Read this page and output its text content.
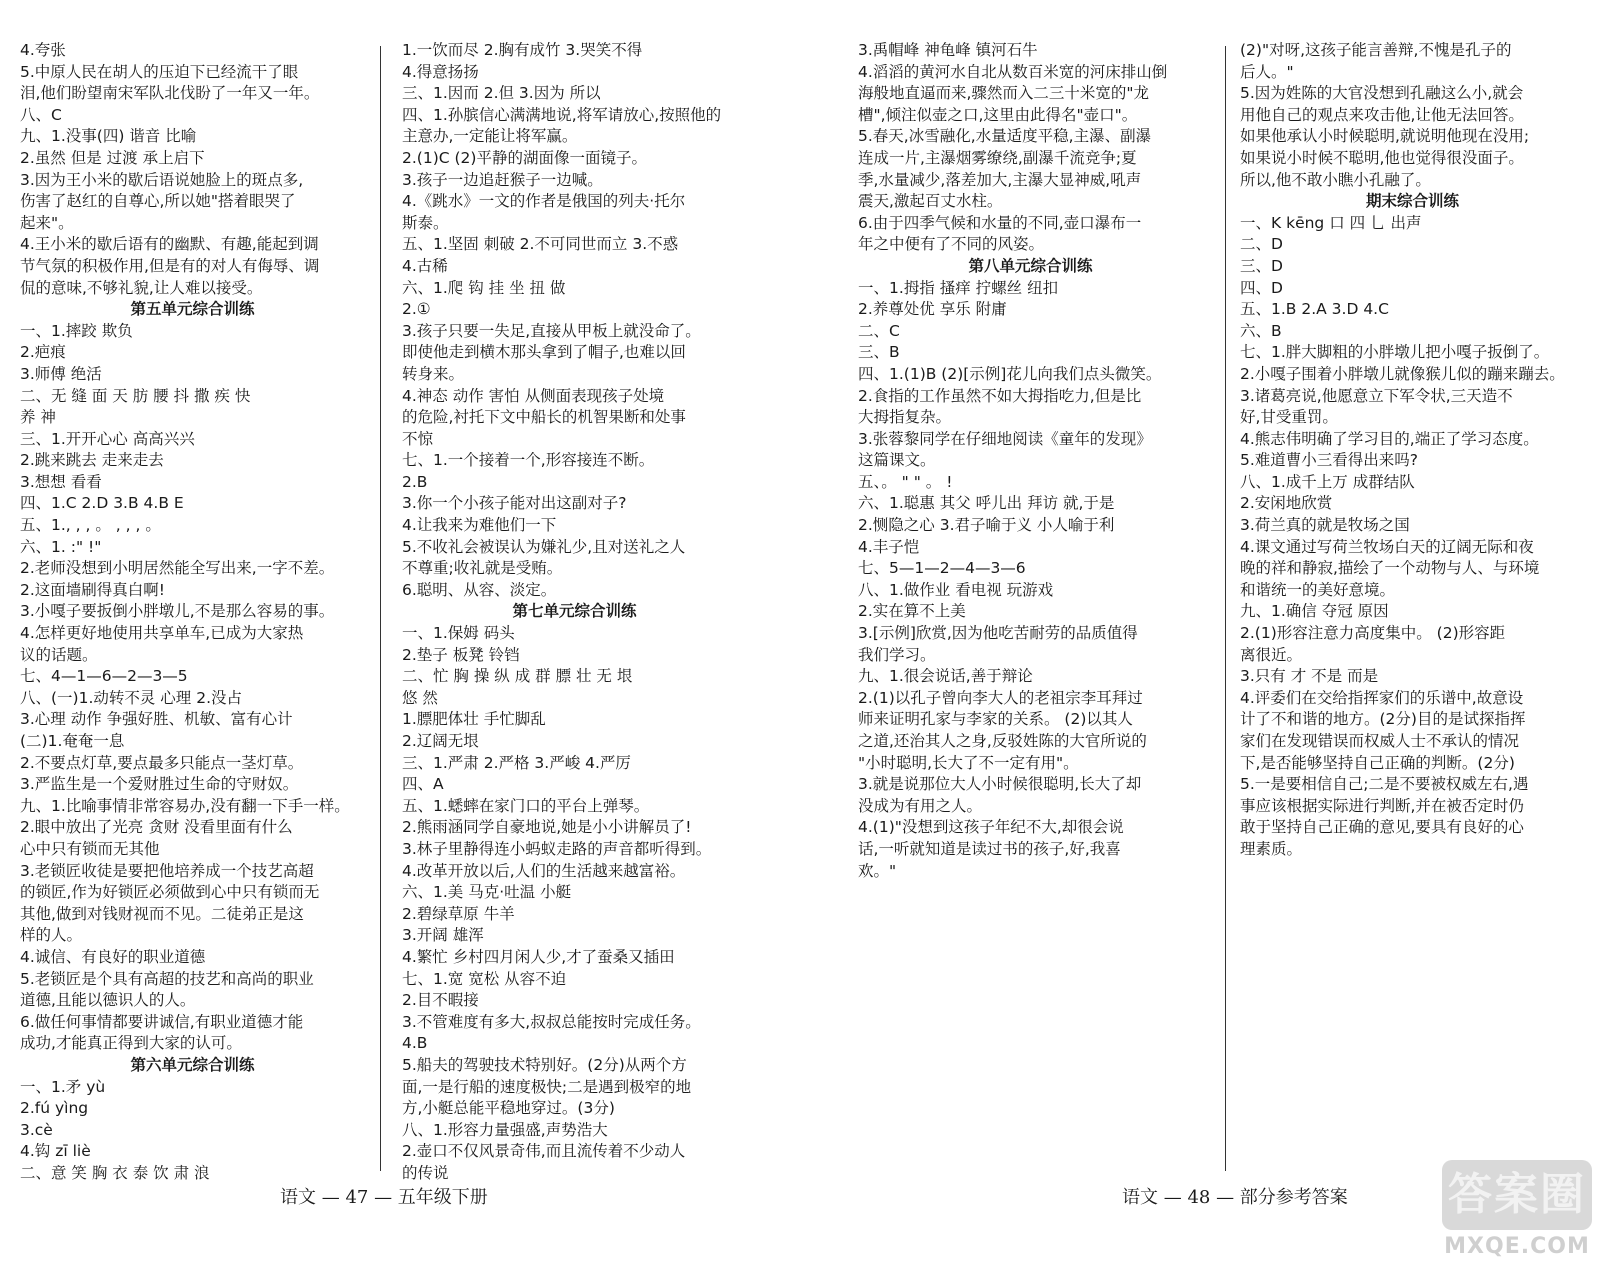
4.夸张
5.中原人民在胡人的压迫下已经流干了眼
泪,他们盼望南宋军队北伐盼了一年又一年。
八、C
九、1.没事(四) 谐音 比喻
2.虽然 但是 过渡 承上启下
3.因为王小米的歇后语说她脸上的斑点多,
伤害了赵红的自尊心,所以她"搭着眼哭了
起来"。
4.王小米的歇后语有的幽默、有趣,能起到调
节气氛的积极作用,但是有的对人有侮辱、调
侃的意味,不够礼貌,让人难以接受。
第五单元综合训练
一、1.摔跤 欺负
2.疤痕
3.师傅 绝活
二、无 缝 面 天 肪 腰 抖 撒 疾 快
养 神
三、1.开开心心 高高兴兴
2.跳来跳去 走来走去
3.想想 看看
四、1.C 2.D 3.B 4.B E
五、1., , , 。 , , , 。
六、1. :" !"
2.老师没想到小明居然能全写出来,一字不差。
2.这面墙刷得真白啊!
3.小嘎子要扳倒小胖墩儿,不是那么容易的事。
4.怎样更好地使用共享单车,已成为大家热
议的话题。
七、4—1—6—2—3—5
八、(一)1.动转不灵 心理 2.没占
3.心理 动作 争强好胜、机敏、富有心计
(二)1.奄奄一息
2.不要点灯草,要点最多只能点一茎灯草。
3.严监生是一个爱财胜过生命的守财奴。
九、1.比喻事情非常容易办,没有翻一下手一样。
2.眼中放出了光亮 贪财 没看里面有什么
心中只有锁而无其他
3.老锁匠收徒是要把他培养成一个技艺高超
的锁匠,作为好锁匠必须做到心中只有锁而无
其他,做到对钱财视而不见。二徒弟正是这
样的人。
4.诚信、有良好的职业道德
5.老锁匠是个具有高超的技艺和高尚的职业
道德,且能以德识人的人。
6.做任何事情都要讲诚信,有职业道德才能
成功,才能真正得到大家的认可。
第六单元综合训练
一、1.矛 yù
2.fú yìng
3.cè
4.钩 zī liè
二、意 笑 胸 衣 泰 饮 肃 浪
1.一饮而尽 2.胸有成竹 3.哭笑不得
4.得意扬扬
三、1.因而 2.但 3.因为 所以
四、1.孙膑信心满满地说,将军请放心,按照他的
主意办,一定能让将军赢。
2.(1)C (2)平静的湖面像一面镜子。
3.孩子一边追赶猴子一边喊。
4.《跳水》一文的作者是俄国的列夫·托尔
斯泰。
五、1.坚固 刺破 2.不可同世而立 3.不惑
4.古稀
六、1.爬 钩 挂 坐 扭 做
2.①
3.孩子只要一失足,直接从甲板上就没命了。
即使他走到横木那头拿到了帽子,也难以回
转身来。
4.神态 动作 害怕 从侧面表现孩子处境
的危险,衬托下文中船长的机智果断和处事
不惊
七、1.一个接着一个,形容接连不断。
2.B
3.你一个小孩子能对出这副对子?
4.让我来为难他们一下
5.不收礼会被误认为嫌礼少,且对送礼之人
不尊重;收礼就是受贿。
6.聪明、从容、淡定。
第七单元综合训练
一、1.保姆 码头
2.垫子 板凳 铃铛
二、忙 胸 操 纵 成 群 膘 壮 无 垠
悠 然
1.膘肥体壮 手忙脚乱
2.辽阔无垠
三、1.严肃 2.严格 3.严峻 4.严厉
四、A
五、1.蟋蟀在家门口的平台上弹琴。
2.熊雨涵同学自豪地说,她是小小讲解员了!
3.林子里静得连小蚂蚁走路的声音都听得到。
4.改革开放以后,人们的生活越来越富裕。
六、1.美 马克·吐温 小艇
2.碧绿草原 牛羊
3.开阔 雄浑
4.繁忙 乡村四月闲人少,才了蚕桑又插田
七、1.宽 宽松 从容不迫
2.目不暇接
3.不管难度有多大,叔叔总能按时完成任务。
4.B
5.船夫的驾驶技术特别好。(2分)从两个方
面,一是行船的速度极快;二是遇到极窄的地
方,小艇总能平稳地穿过。(3分)
八、1.形容力量强盛,声势浩大
2.壶口不仅风景奇伟,而且流传着不少动人
的传说
3.禹帽峰 神龟峰 镇河石牛
4.滔滔的黄河水自北从数百米宽的河床排山倒
海般地直逼而来,骤然而入二三十米宽的"龙
槽",倾注似壶之口,这里由此得名"壶口"。
5.春天,冰雪融化,水量适度平稳,主瀑、副瀑
连成一片,主瀑烟雾缭绕,副瀑千流竞争;夏
季,水量减少,落差加大,主瀑大显神威,吼声
震天,激起百丈水柱。
6.由于四季气候和水量的不同,壶口瀑布一
年之中便有了不同的风姿。
第八单元综合训练
一、1.拇指 搔痒 拧螺丝 纽扣
2.养尊处优 享乐 附庸
二、C
三、B
四、1.(1)B (2)[示例]花儿向我们点头微笑。
2.食指的工作虽然不如大拇指吃力,但是比
大拇指复杂。
3.张蓉黎同学在仔细地阅读《童年的发现》
这篇课文。
五、。 " " 。 !
六、1.聪惠 其父 呼儿出 拜访 就,于是
2.恻隐之心 3.君子喻于义 小人喻于利
4.丰子恺
七、5—1—2—4—3—6
八、1.做作业 看电视 玩游戏
2.实在算不上美
3.[示例]欣赏,因为他吃苦耐劳的品质值得
我们学习。
九、1.很会说话,善于辩论
2.(1)以孔子曾向李大人的老祖宗李耳拜过
师来证明孔家与李家的关系。 (2)以其人
之道,还治其人之身,反驳姓陈的大官所说的
"小时聪明,长大了不一定有用"。
3.就是说那位大人小时候很聪明,长大了却
没成为有用之人。
4.(1)"没想到这孩子年纪不大,却很会说
话,一听就知道是读过书的孩子,好,我喜
欢。"
(2)"对呀,这孩子能言善辩,不愧是孔子的
后人。"
5.因为姓陈的大官没想到孔融这么小,就会
用他自己的观点来攻击他,让他无法回答。
如果他承认小时候聪明,就说明他现在没用;
如果说小时候不聪明,他也觉得很没面子。
所以,他不敢小瞧小孔融了。
期末综合训练
一、K kēng 口 四 乚 出声
二、D
三、D
四、D
五、1.B 2.A 3.D 4.C
六、B
七、1.胖大脚粗的小胖墩儿把小嘎子扳倒了。
2.小嘎子围着小胖墩儿就像猴儿似的蹦来蹦去。
3.诸葛亮说,他愿意立下军令状,三天造不
好,甘受重罚。
4.熊志伟明确了学习目的,端正了学习态度。
5.难道曹小三看得出来吗?
八、1.成千上万 成群结队
2.安闲地欣赏
3.荷兰真的就是牧场之国
4.课文通过写荷兰牧场白天的辽阔无际和夜
晚的祥和静寂,描绘了一个动物与人、与环境
和谐统一的美好意境。
九、1.确信 夺冠 原因
2.(1)形容注意力高度集中。 (2)形容距
离很近。
3.只有 才 不是 而是
4.评委们在交给指挥家们的乐谱中,故意设
计了不和谐的地方。(2分)目的是试探指挥
家们在发现错误而权威人士不承认的情况
下,是否能够坚持自己正确的判断。(2分)
5.一是要相信自己;二是不要被权威左右,遇
事应该根据实际进行判断,并在被否定时仍
敢于坚持自己正确的意见,要具有良好的心
理素质。
语文 — 47 — 五年级下册	语文 — 48 — 部分参考答案 答案圈
MXQE.COM
